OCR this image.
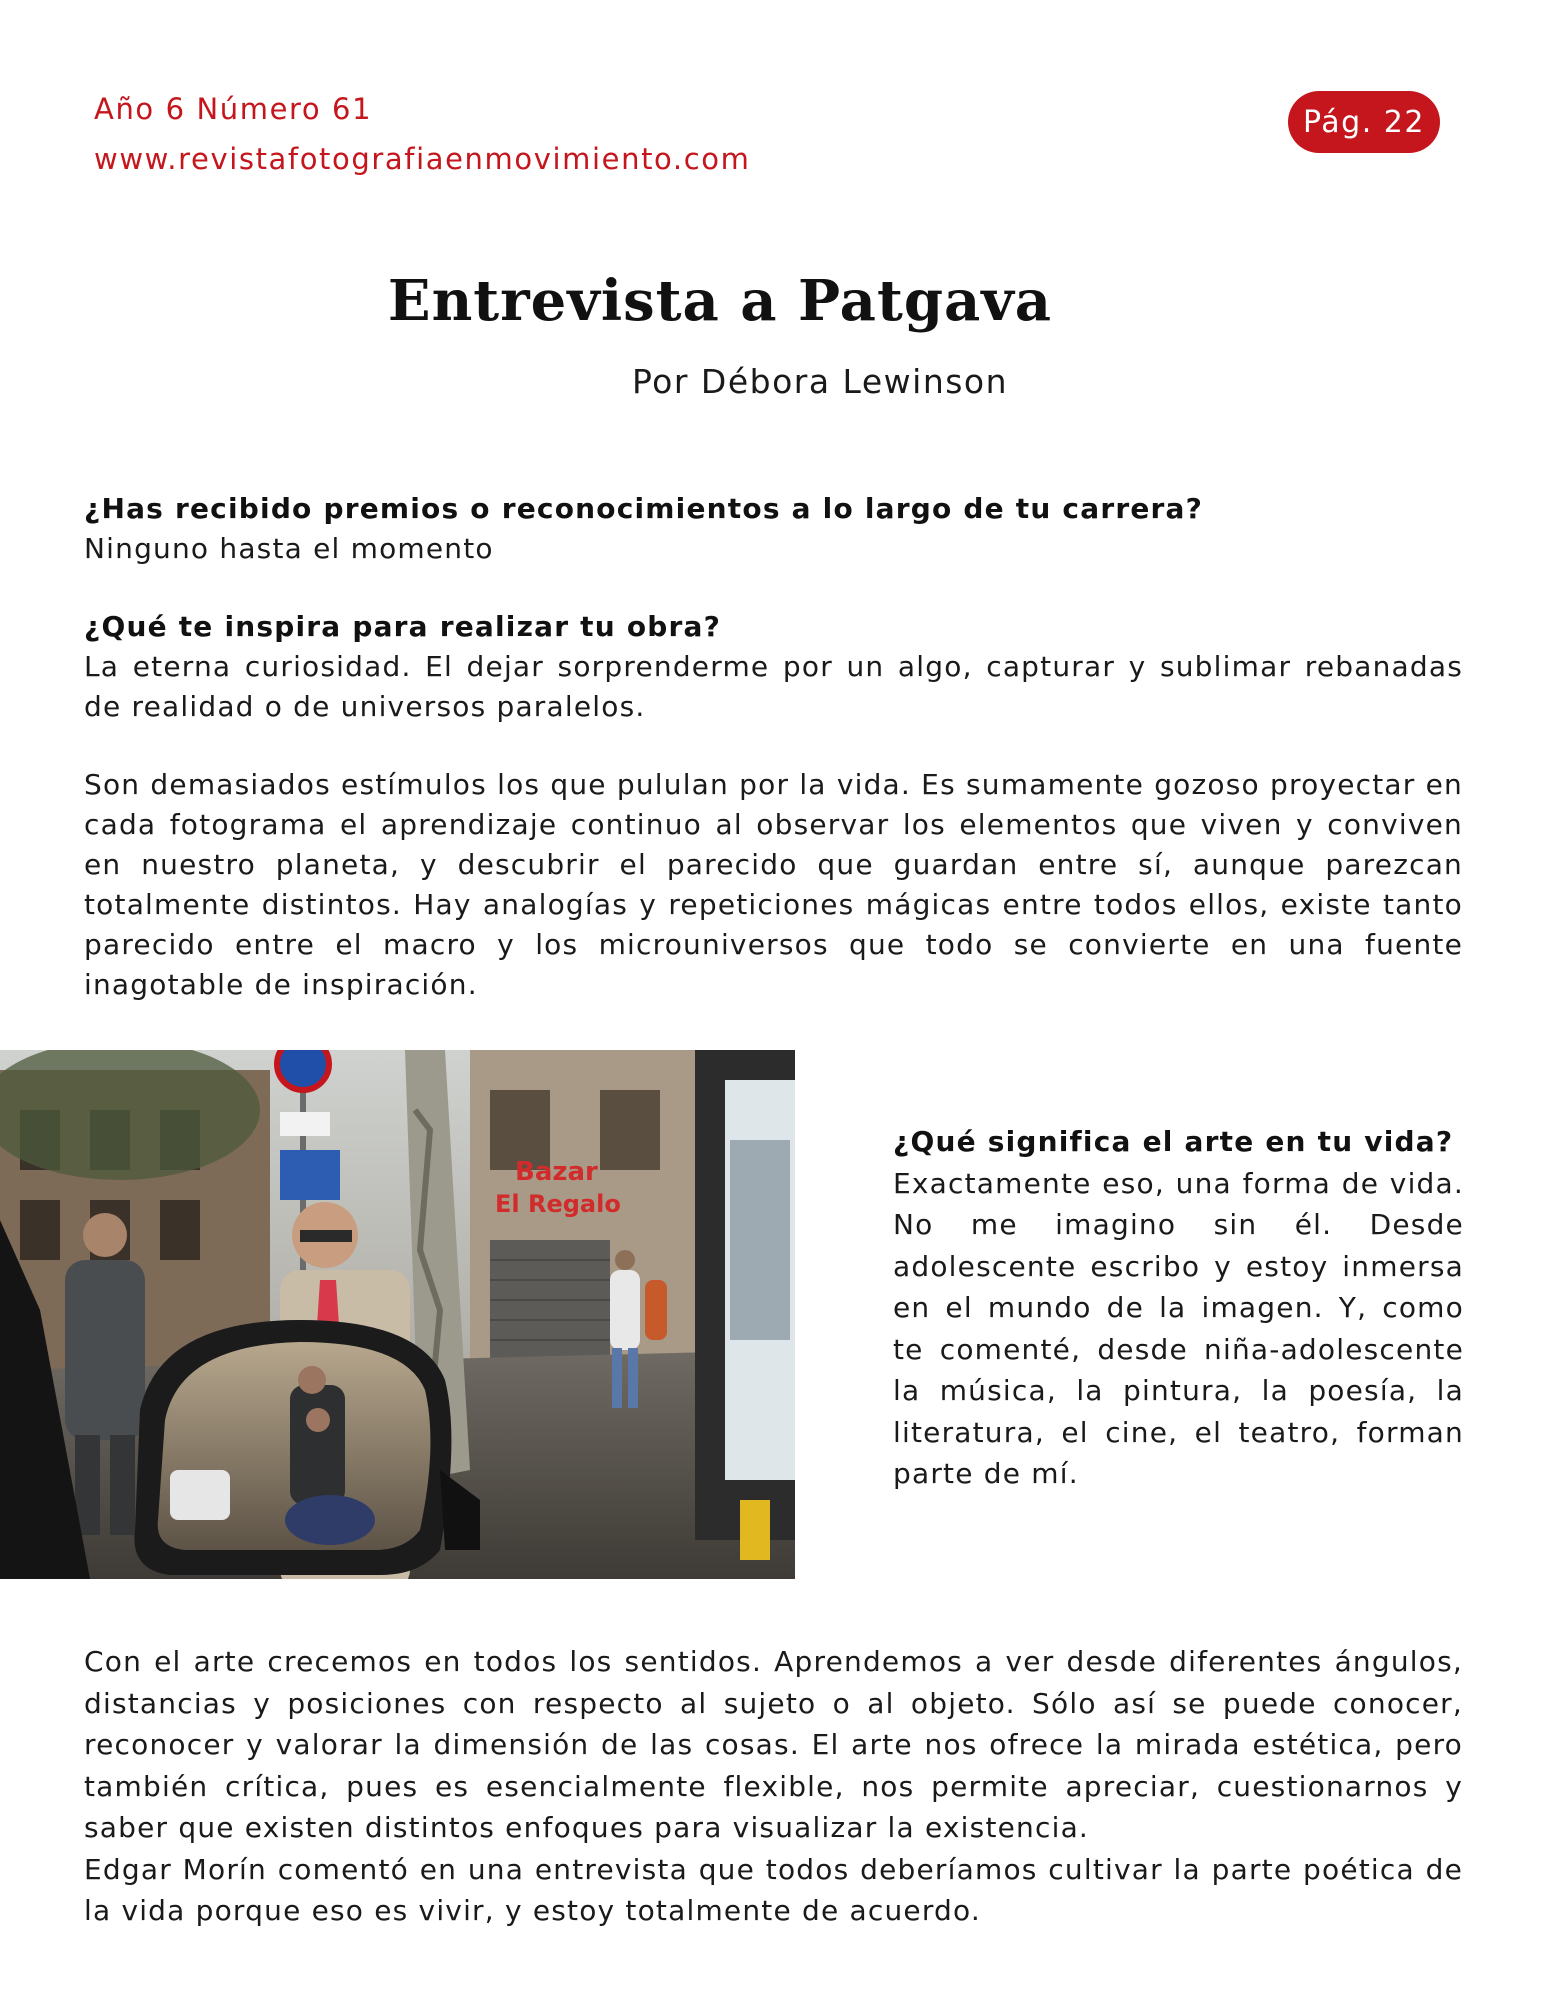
Año 6 Número 61
www.revistafotografiaenmovimiento.com
Pág. 22
Entrevista a Patgava
Por Débora Lewinson
¿Has recibido premios o reconocimientos a lo largo de tu carrera?
Ninguno hasta el momento
¿Qué te inspira para realizar tu obra?
La eterna curiosidad. El dejar sorprenderme por un algo, capturar y sublimar rebanadas de realidad o de universos paralelos.
Son demasiados estímulos los que pululan por la vida. Es sumamente gozoso proyectar en cada fotograma el aprendizaje continuo al observar los elementos que viven y conviven en nuestro planeta, y descubrir el parecido que guardan entre sí, aunque parezcan totalmente distintos. Hay analogías y repeticiones mágicas entre todos ellos, existe tanto parecido entre el macro y los microuniversos que todo se convierte en una fuente inagotable de inspiración.
Bazar
El Regalo
¿Qué significa el arte en tu vida?
Exactamente eso, una forma de vida. No me imagino sin él. Desde adolescente escribo y estoy inmersa en el mundo de la imagen. Y, como te comenté, desde niña-adolescente la música, la pintura, la poesía, la literatura, el cine, el teatro, forman parte de mí.

Con el arte crecemos en todos los sentidos. Aprendemos a ver desde diferentes ángulos, distancias y posiciones con respecto al sujeto o al objeto. Sólo así se puede conocer, reconocer y valorar la dimensión de las cosas. El arte nos ofrece la mirada estética, pero también crítica, pues es esencialmente flexible, nos permite apreciar, cuestionarnos y saber que existen distintos enfoques para visualizar la existencia.

Edgar Morín comentó en una entrevista que todos deberíamos cultivar la parte poética de la vida porque eso es vivir, y estoy totalmente de acuerdo.
